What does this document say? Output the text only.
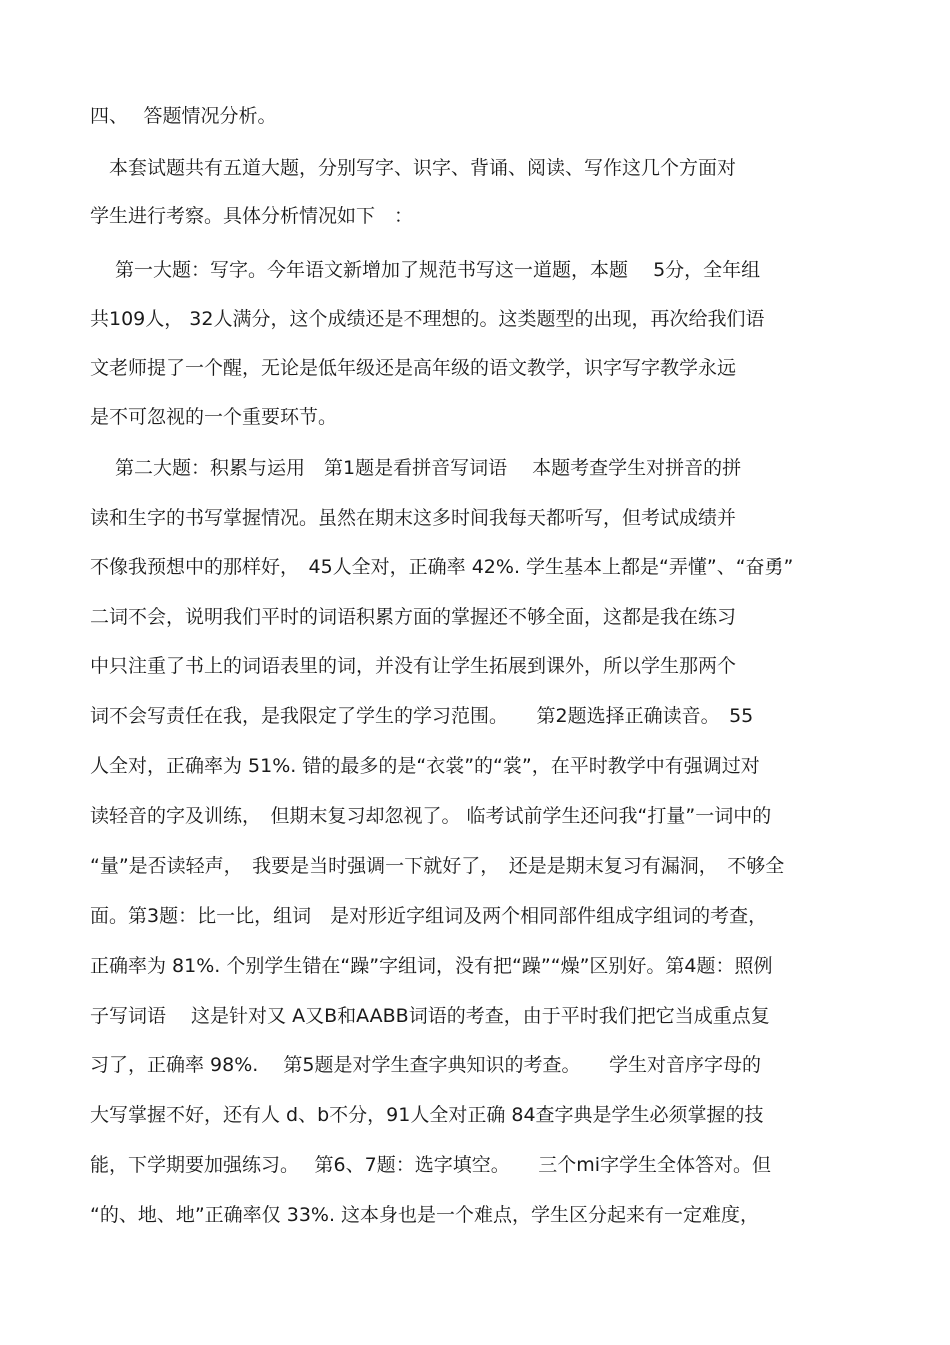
四、　 答题情况分析。
　本套试题共有五道大题，分别写字、识字、背诵、阅读、写作这几个方面对
学生进行考察。具体分析情况如下　：
　 第一大题：写字。今年语文新增加了规范书写这一道题，本题　 5分，全年组
共109人， 32人满分，这个成绩还是不理想的。这类题型的出现，再次给我们语
文老师提了一个醒，无论是低年级还是高年级的语文教学，识字写字教学永远
是不可忽视的一个重要环节。
　 第二大题：积累与运用　第1题是看拼音写词语　 本题考查学生对拼音的拼
读和生字的书写掌握情况。虽然在期末这多时间我每天都听写，但考试成绩并
不像我预想中的那样好，　45人全对，正确率 42%. 学生基本上都是“弄懂”、“奋勇”
二词不会，说明我们平时的词语积累方面的掌握还不够全面，这都是我在练习
中只注重了书上的词语表里的词，并没有让学生拓展到课外，所以学生那两个
词不会写责任在我，是我限定了学生的学习范围。　　第2题选择正确读音。　55
人全对，正确率为 51%. 错的最多的是“衣裳”的“裳”，在平时教学中有强调过对
读轻音的字及训练，　但期末复习却忽视了。 临考试前学生还问我“打量”一词中的
“量”是否读轻声，　我要是当时强调一下就好了，　还是是期末复习有漏洞，　不够全
面。第3题：比一比，组词　是对形近字组词及两个相同部件组成字组词的考查，
正确率为 81%. 个别学生错在“躁”字组词，没有把“躁”“燥”区别好。第4题：照例
子写词语　 这是针对又 A又B和AABB词语的考查，由于平时我们把它当成重点复
习了，正确率 98%.　 第5题是对学生查字典知识的考查。　　学生对音序字母的
大写掌握不好，还有人 d、b不分，91人全对正确 84查字典是学生必须掌握的技
能，下学期要加强练习。　 第6、7题：选字填空。　　三个mi字学生全体答对。但
“的、地、地”正确率仅 33%. 这本身也是一个难点，学生区分起来有一定难度，
